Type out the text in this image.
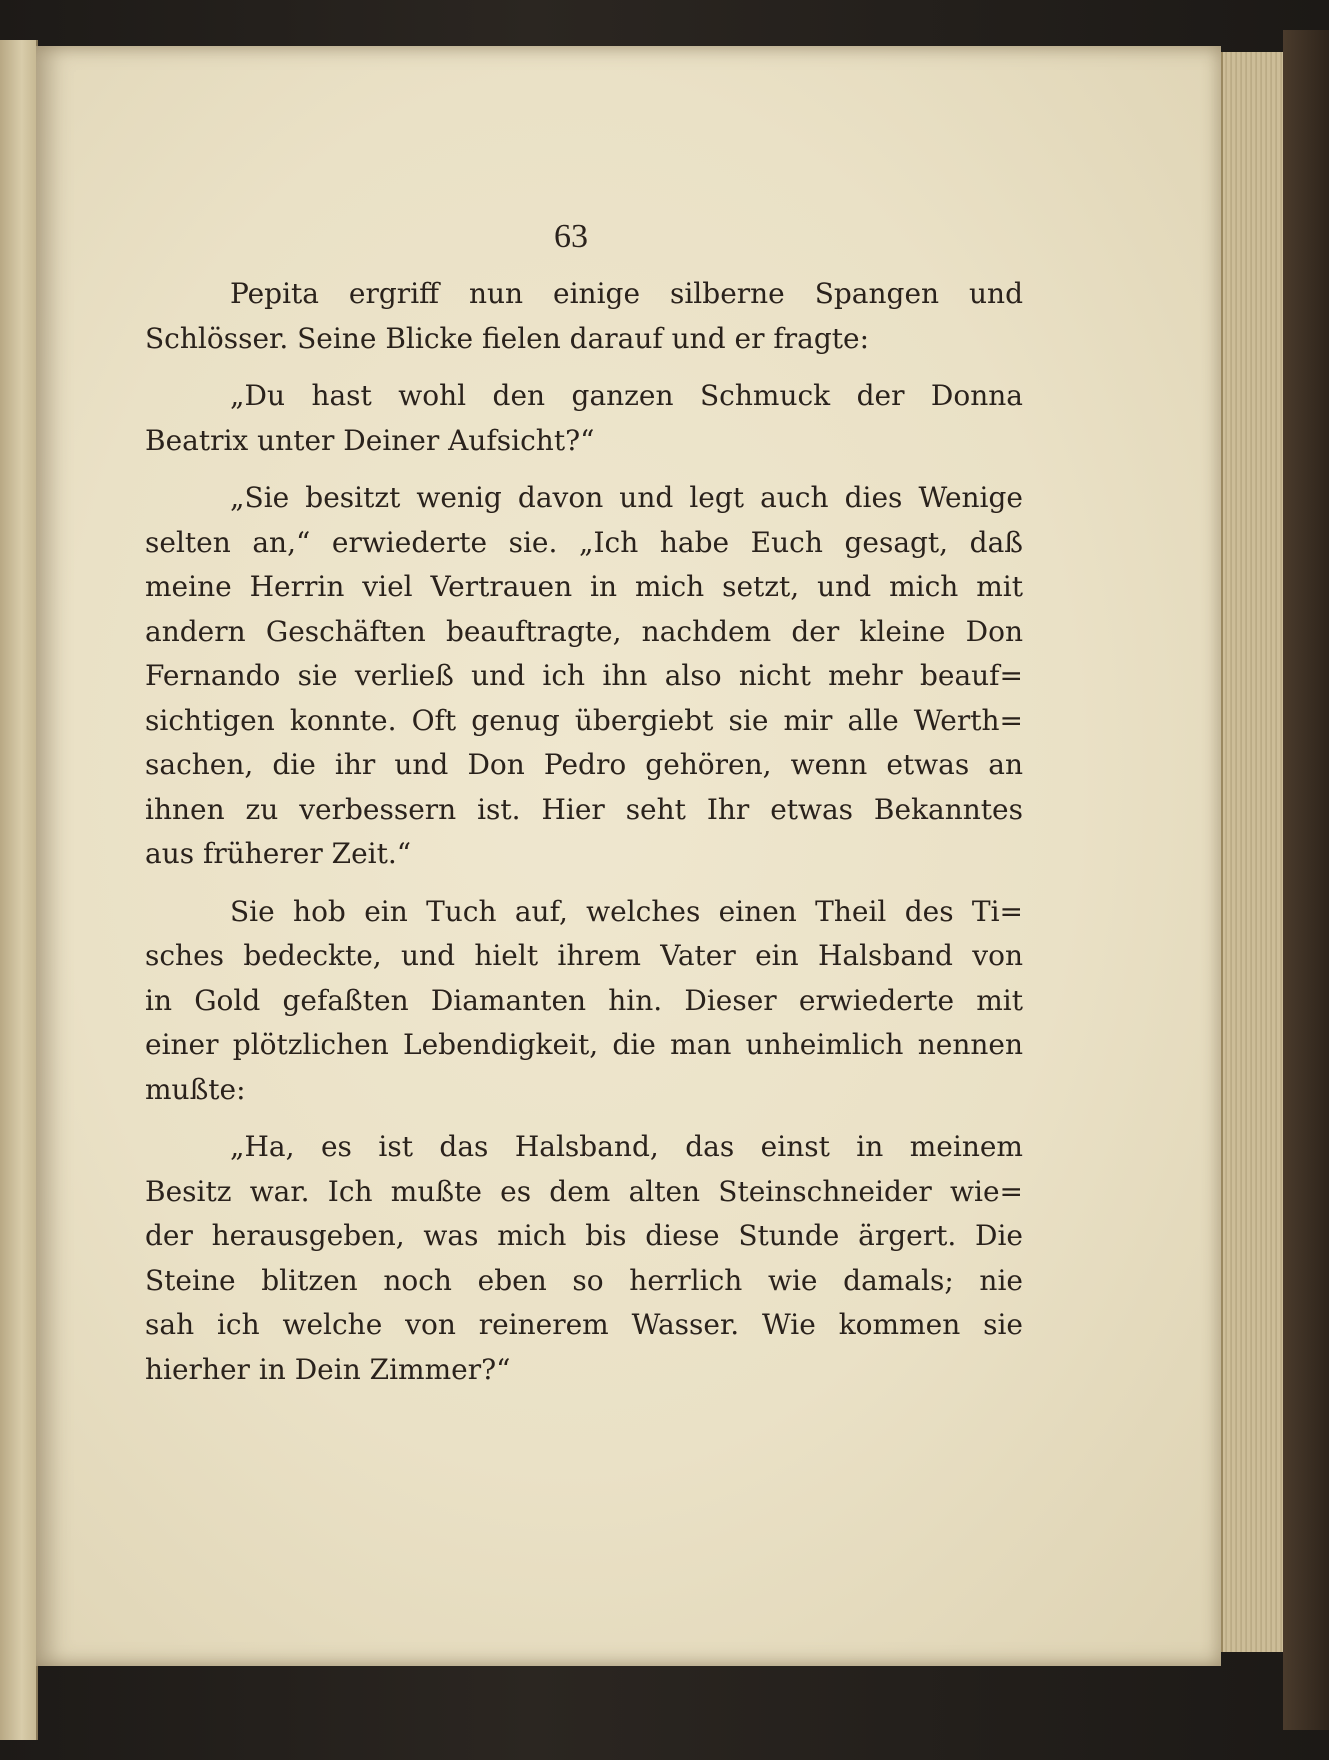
63
Pepita ergriff nun einige silberne Spangen und
Schlösser. Seine Blicke fielen darauf und er fragte:
„Du hast wohl den ganzen Schmuck der Donna
Beatrix unter Deiner Aufsicht?“
„Sie besitzt wenig davon und legt auch dies Wenige
selten an,“ erwiederte sie. „Ich habe Euch gesagt, daß
meine Herrin viel Vertrauen in mich setzt, und mich mit
andern Geschäften beauftragte, nachdem der kleine Don
Fernando sie verließ und ich ihn also nicht mehr beauf=
sichtigen konnte. Oft genug übergiebt sie mir alle Werth=
sachen, die ihr und Don Pedro gehören, wenn etwas an
ihnen zu verbessern ist. Hier seht Ihr etwas Bekanntes
aus früherer Zeit.“
Sie hob ein Tuch auf, welches einen Theil des Ti=
sches bedeckte, und hielt ihrem Vater ein Halsband von
in Gold gefaßten Diamanten hin. Dieser erwiederte mit
einer plötzlichen Lebendigkeit, die man unheimlich nennen
mußte:
„Ha, es ist das Halsband, das einst in meinem
Besitz war. Ich mußte es dem alten Steinschneider wie=
der herausgeben, was mich bis diese Stunde ärgert. Die
Steine blitzen noch eben so herrlich wie damals; nie
sah ich welche von reinerem Wasser. Wie kommen sie
hierher in Dein Zimmer?“
